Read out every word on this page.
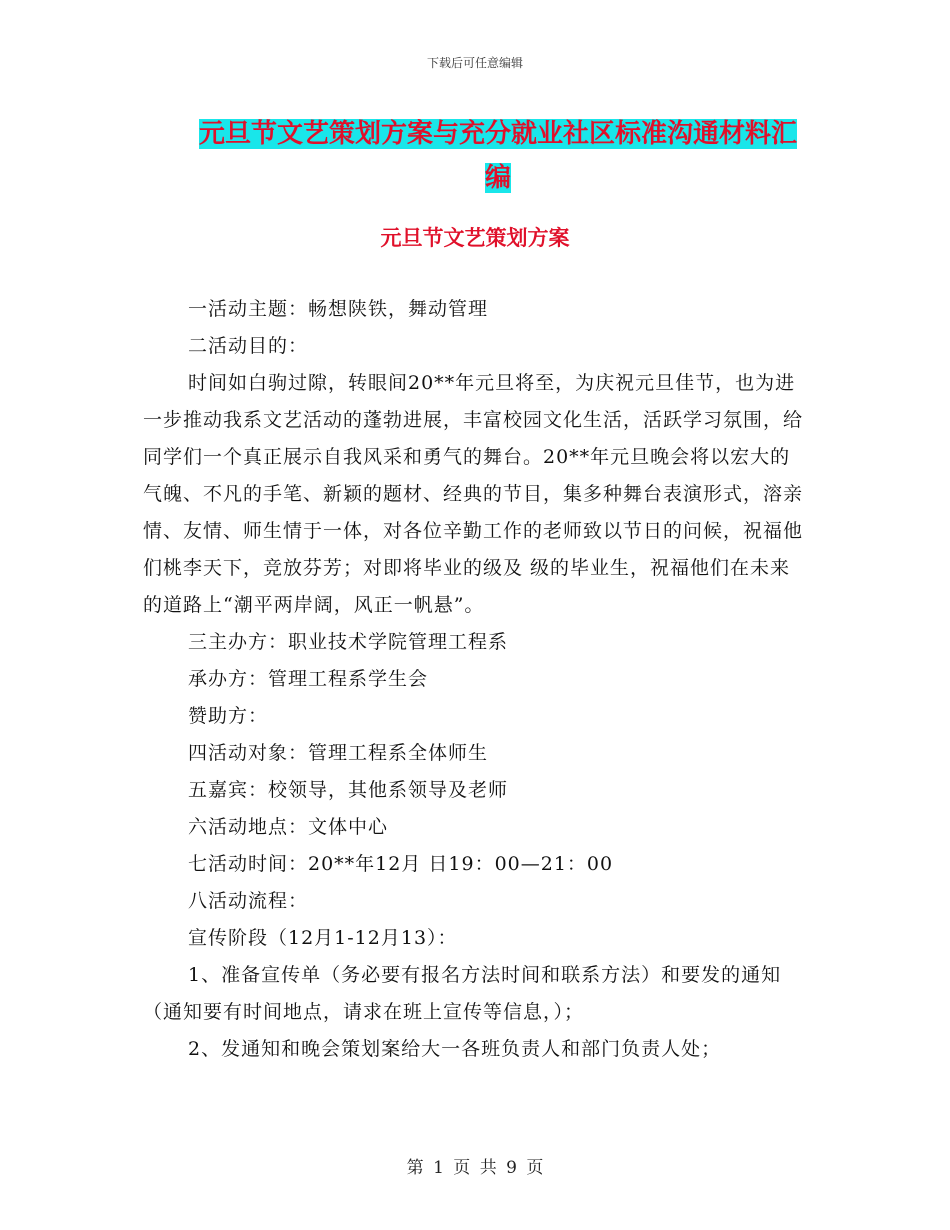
下载后可任意编辑
元旦节文艺策划方案与充分就业社区标准沟通材料汇编
元旦节文艺策划方案

一活动主题：畅想陕铁，舞动管理

二活动目的：

时间如白驹过隙，转眼间20**年元旦将至，为庆祝元旦佳节，也为进一步推动我系文艺活动的蓬勃进展，丰富校园文化生活，活跃学习氛围，给同学们一个真正展示自我风采和勇气的舞台。20**年元旦晚会将以宏大的气魄、不凡的手笔、新颖的题材、经典的节目，集多种舞台表演形式，溶亲情、友情、师生情于一体，对各位辛勤工作的老师致以节日的问候，祝福他们桃李天下，竞放芬芳；对即将毕业的级及 级的毕业生，祝福他们在未来的道路上“潮平两岸阔，风正一帆悬”。

三主办方：职业技术学院管理工程系

承办方：管理工程系学生会

赞助方：

四活动对象：管理工程系全体师生

五嘉宾：校领导，其他系领导及老师

六活动地点：文体中心

七活动时间：20**年12月 日19：00—21：00

八活动流程：

宣传阶段（12月1-12月13）：

1、准备宣传单（务必要有报名方法时间和联系方法）和要发的通知（通知要有时间地点，请求在班上宣传等信息，）；

2、发通知和晚会策划案给大一各班负责人和部门负责人处；

第 1 页 共 9 页
